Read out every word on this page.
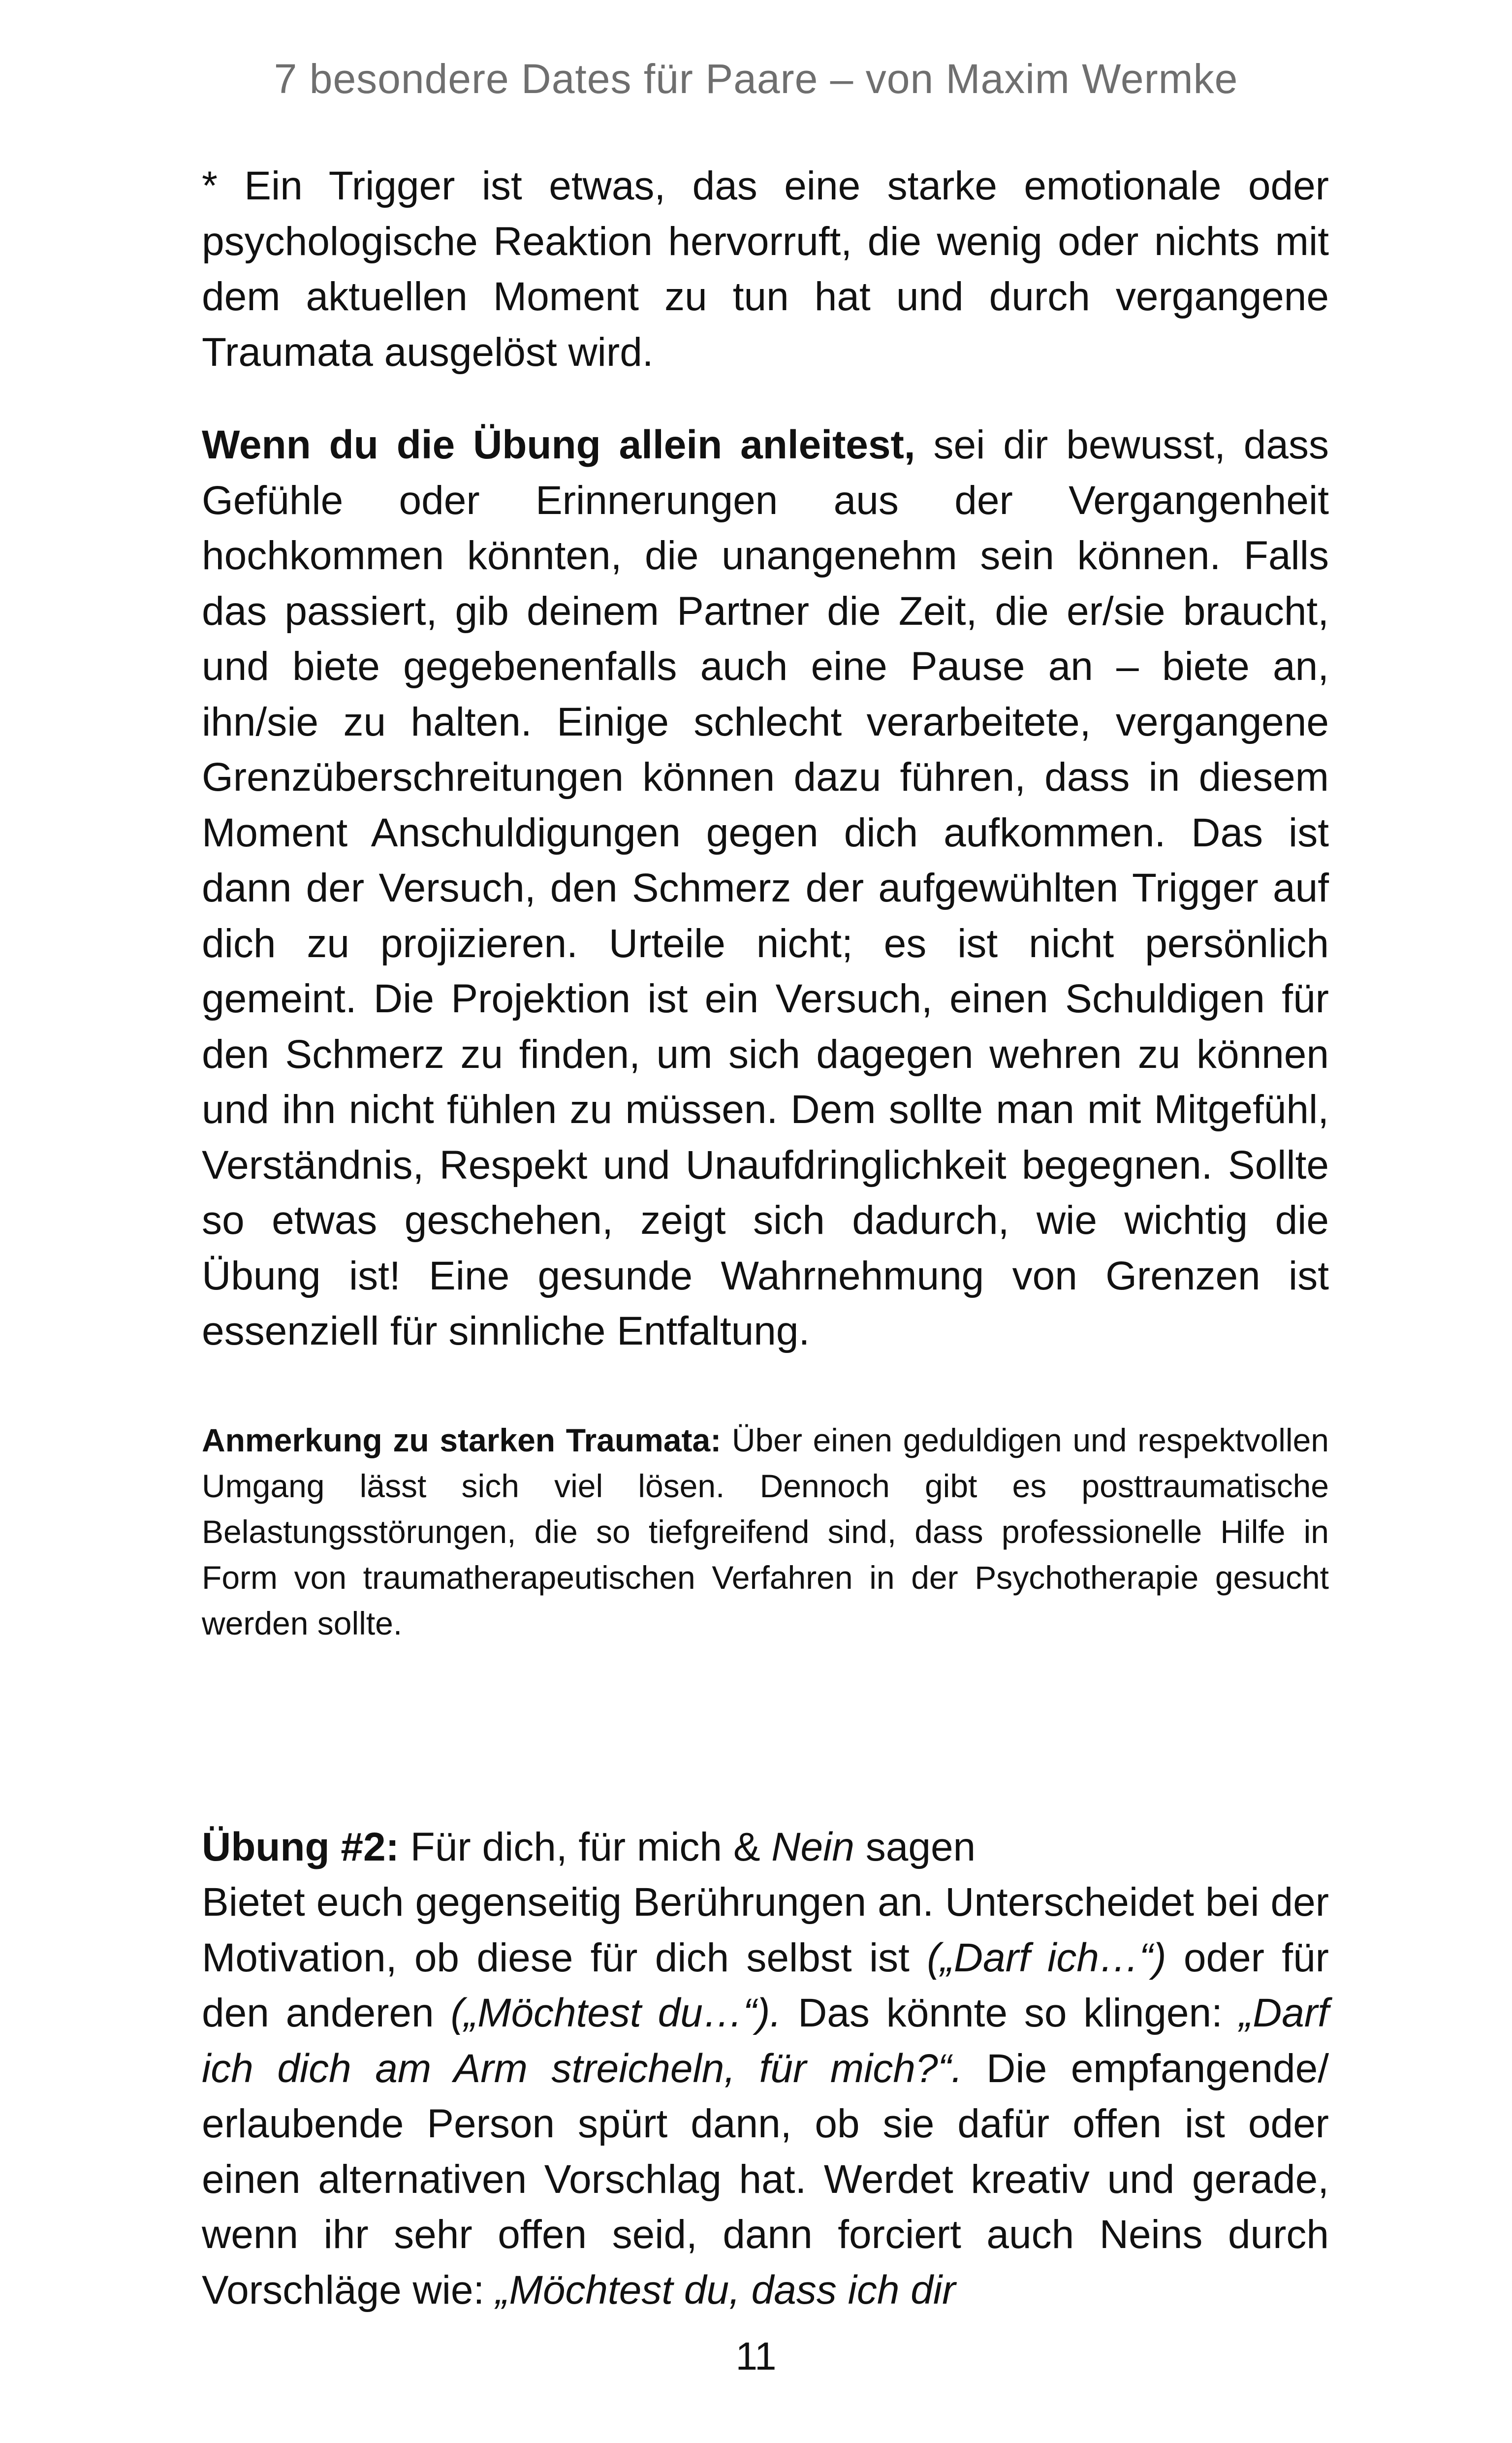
7 besondere Dates für Paare – von Maxim Wermke

* Ein Trigger ist etwas, das eine starke emotionale oder psychologische Reaktion hervorruft, die wenig oder nichts mit dem aktuellen Moment zu tun hat und durch vergangene Traumata ausgelöst wird.

Wenn du die Übung allein anleitest, sei dir bewusst, dass Gefühle oder Erinnerungen aus der Vergangenheit hochkommen könnten, die unangenehm sein können. Falls das passiert, gib deinem Partner die Zeit, die er/sie braucht, und biete gegebenenfalls auch eine Pause an – biete an, ihn/sie zu halten. Einige schlecht verarbeitete, vergangene Grenzüberschreitungen können dazu führen, dass in diesem Moment Anschuldigungen gegen dich aufkommen. Das ist dann der Versuch, den Schmerz der aufgewühlten Trigger auf dich zu projizieren. Urteile nicht; es ist nicht persönlich gemeint. Die Projektion ist ein Versuch, einen Schuldigen für den Schmerz zu finden, um sich dagegen wehren zu können und ihn nicht fühlen zu müssen. Dem sollte man mit Mitgefühl, Verständnis, Respekt und Unaufdringlichkeit begegnen. Sollte so etwas geschehen, zeigt sich dadurch, wie wichtig die Übung ist! Eine gesunde Wahrnehmung von Grenzen ist essenziell für sinnliche Entfaltung.

Anmerkung zu starken Traumata: Über einen geduldigen und respektvollen Umgang lässt sich viel lösen. Dennoch gibt es posttraumatische Belastungsstörungen, die so tiefgreifend sind, dass professionelle Hilfe in Form von traumatherapeutischen Verfahren in der Psychotherapie gesucht werden sollte.

Übung #2: Für dich, für mich & Nein sagen

Bietet euch gegenseitig Berührungen an. Unterscheidet bei der Motivation, ob diese für dich selbst ist („Darf ich…“) oder für den anderen („Möchtest du…“). Das könnte so klingen: „Darf ich dich am Arm streicheln, für mich?“. Die empfangende/ erlaubende Person spürt dann, ob sie dafür offen ist oder einen alternativen Vorschlag hat. Werdet kreativ und gerade, wenn ihr sehr offen seid, dann forciert auch Neins durch Vorschläge wie: „Möchtest du, dass ich dir

11
